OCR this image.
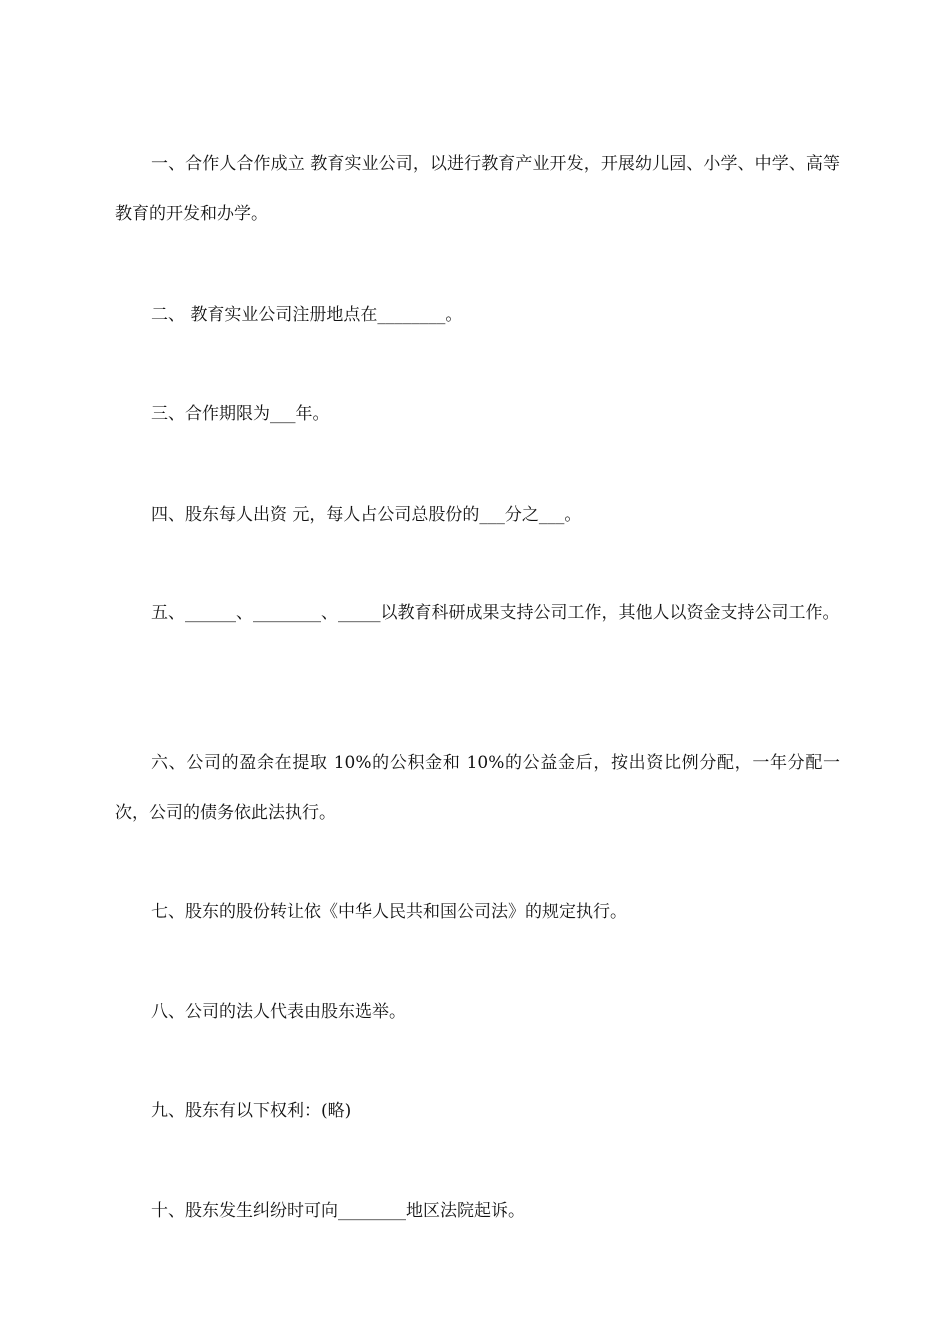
一、合作人合作成立 教育实业公司，以进行教育产业开发，开展幼儿园、小学、中学、高等教育的开发和办学。

二、 教育实业公司注册地点在________。

三、合作期限为___年。

四、股东每人出资 元，每人占公司总股份的___分之___。

五、______、________、_____以教育科研成果支持公司工作，其他人以资金支持公司工作。

六、公司的盈余在提取 10%的公积金和 10%的公益金后，按出资比例分配，一年分配一次，公司的债务依此法执行。

七、股东的股份转让依《中华人民共和国公司法》的规定执行。

八、公司的法人代表由股东选举。

九、股东有以下权利：(略)

十、股东发生纠纷时可向________地区法院起诉。
